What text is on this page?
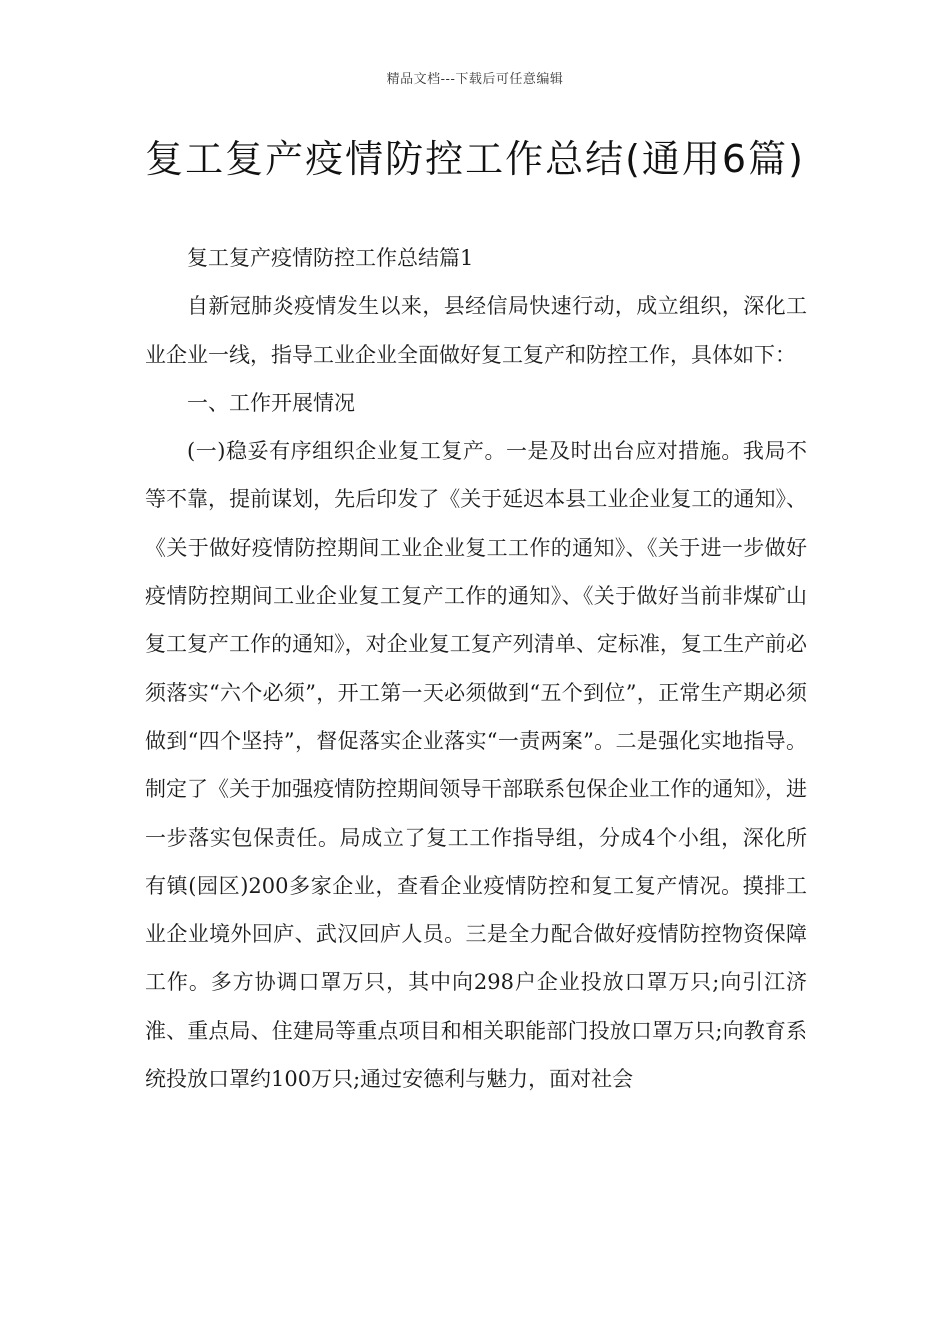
精品文档---下载后可任意编辑
复工复产疫情防控工作总结(通用6篇)

复工复产疫情防控工作总结篇1

自新冠肺炎疫情发生以来，县经信局快速行动，成立组织，深化工业企业一线，指导工业企业全面做好复工复产和防控工作，具体如下：

一、工作开展情况

(一)稳妥有序组织企业复工复产。一是及时出台应对措施。我局不等不靠，提前谋划，先后印发了《关于延迟本县工业企业复工的通知》、《关于做好疫情防控期间工业企业复工工作的通知》、《关于进一步做好疫情防控期间工业企业复工复产工作的通知》、《关于做好当前非煤矿山复工复产工作的通知》，对企业复工复产列清单、定标准，复工生产前必须落实“六个必须”，开工第一天必须做到“五个到位”，正常生产期必须做到“四个坚持”，督促落实企业落实“一责两案”。二是强化实地指导。制定了《关于加强疫情防控期间领导干部联系包保企业工作的通知》，进一步落实包保责任。局成立了复工工作指导组，分成4个小组，深化所有镇(园区)200多家企业，查看企业疫情防控和复工复产情况。摸排工业企业境外回庐、武汉回庐人员。三是全力配合做好疫情防控物资保障工作。多方协调口罩万只，其中向298户企业投放口罩万只;向引江济淮、重点局、住建局等重点项目和相关职能部门投放口罩万只;向教育系统投放口罩约100万只;通过安德利与魅力，面对社会
